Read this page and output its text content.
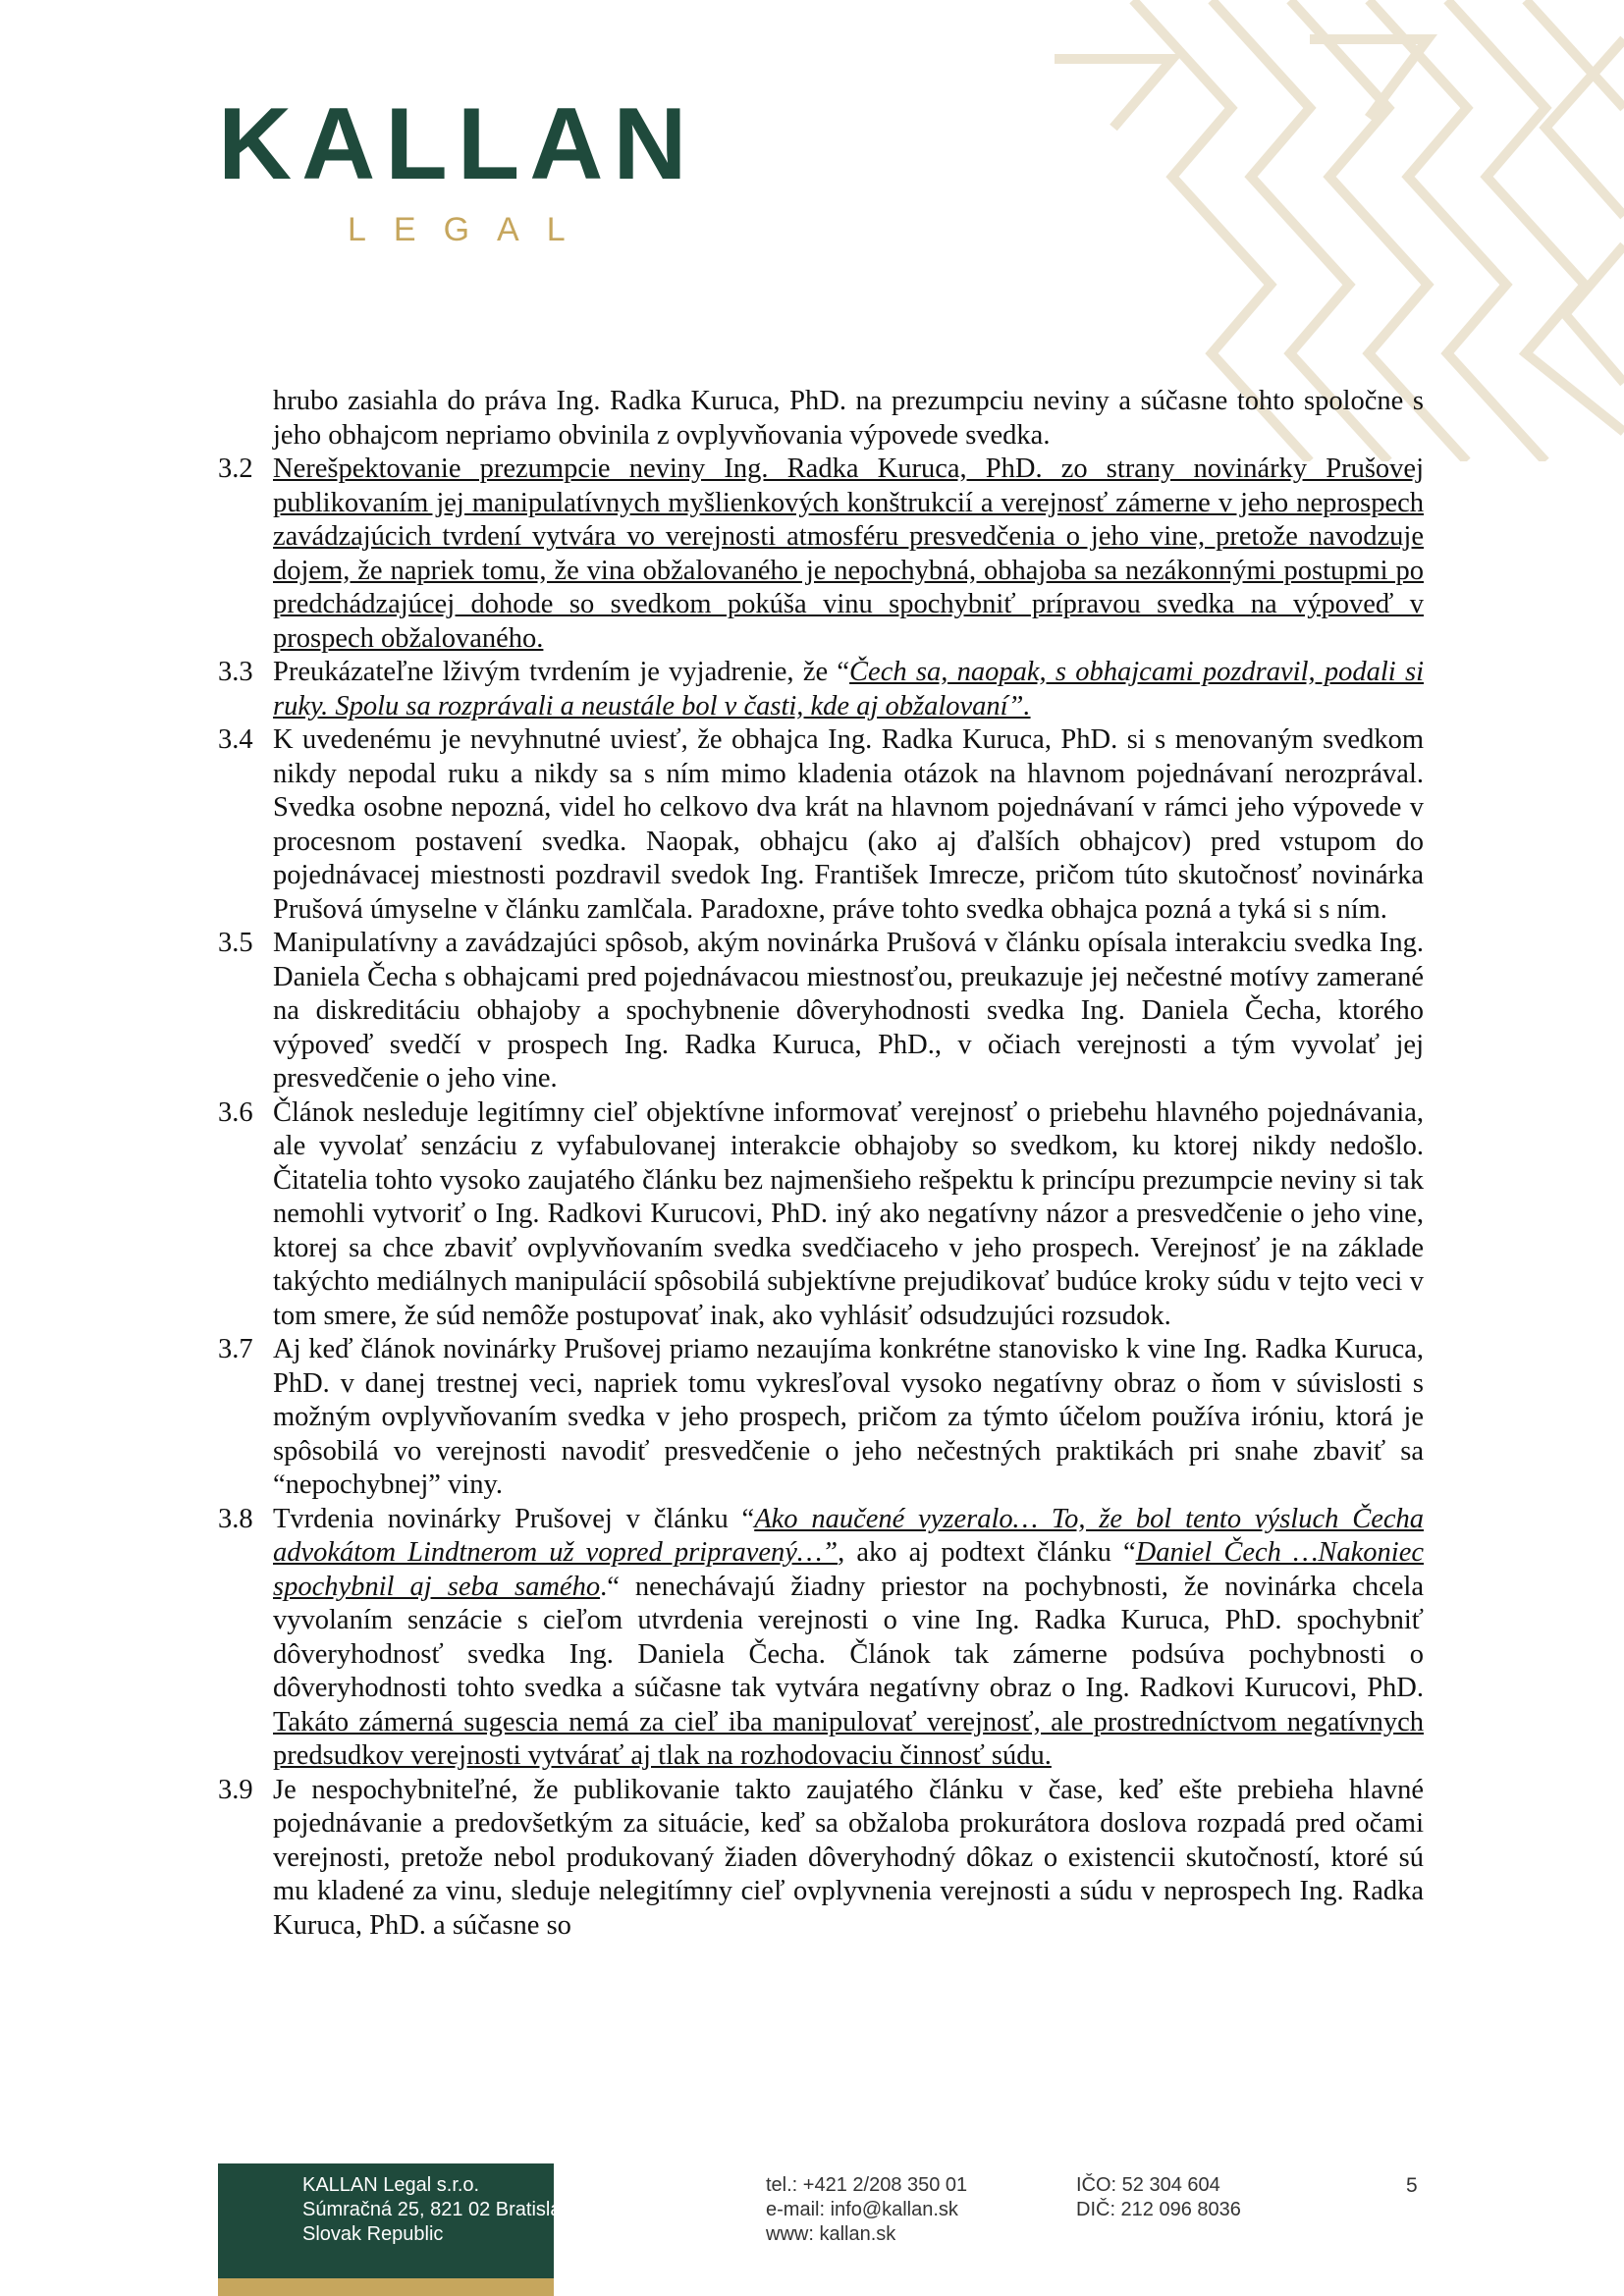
KALLAN
LEGAL
hrubo zasiahla do práva Ing. Radka Kuruca, PhD. na prezumpciu neviny a súčasne tohto spoločne s jeho obhajcom nepriamo obvinila z ovplyvňovania výpovede svedka.
3.2 Nerešpektovanie prezumpcie neviny Ing. Radka Kuruca, PhD. zo strany novinárky Prušovej publikovaním jej manipulatívnych myšlienkových konštrukcií a verejnosť zámerne v jeho neprospech zavádzajúcich tvrdení vytvára vo verejnosti atmosféru presvedčenia o jeho vine, pretože navodzuje dojem, že napriek tomu, že vina obžalovaného je nepochybná, obhajoba sa nezákonnými postupmi po predchádzajúcej dohode so svedkom pokúša vinu spochybniť prípravou svedka na výpoveď v prospech obžalovaného.
3.3 Preukázateľne lživým tvrdením je vyjadrenie, že “Čech sa, naopak, s obhajcami pozdravil, podali si ruky. Spolu sa rozprávali a neustále bol v časti, kde aj obžalovaní”.
3.4 K uvedenému je nevyhnutné uviesť, že obhajca Ing. Radka Kuruca, PhD. si s menovaným svedkom nikdy nepodal ruku a nikdy sa s ním mimo kladenia otázok na hlavnom pojednávaní nerozprával. Svedka osobne nepozná, videl ho celkovo dva krát na hlavnom pojednávaní v rámci jeho výpovede v procesnom postavení svedka. Naopak, obhajcu (ako aj ďalších obhajcov) pred vstupom do pojednávacej miestnosti pozdravil svedok Ing. František Imrecze, pričom túto skutočnosť novinárka Prušová úmyselne v článku zamlčala. Paradoxne, práve tohto svedka obhajca pozná a tyká si s ním.
3.5 Manipulatívny a zavádzajúci spôsob, akým novinárka Prušová v článku opísala interakciu svedka Ing. Daniela Čecha s obhajcami pred pojednávacou miestnosťou, preukazuje jej nečestné motívy zamerané na diskreditáciu obhajoby a spochybnenie dôveryhodnosti svedka Ing. Daniela Čecha, ktorého výpoveď svedčí v prospech Ing. Radka Kuruca, PhD., v očiach verejnosti a tým vyvolať jej presvedčenie o jeho vine.
3.6 Článok nesleduje legitímny cieľ objektívne informovať verejnosť o priebehu hlavného pojednávania, ale vyvolať senzáciu z vyfabulovanej interakcie obhajoby so svedkom, ku ktorej nikdy nedošlo. Čitatelia tohto vysoko zaujatého článku bez najmenšieho rešpektu k princípu prezumpcie neviny si tak nemohli vytvoriť o Ing. Radkovi Kurucovi, PhD. iný ako negatívny názor a presvedčenie o jeho vine, ktorej sa chce zbaviť ovplyvňovaním svedka svedčiaceho v jeho prospech. Verejnosť je na základe takýchto mediálnych manipulácií spôsobilá subjektívne prejudikovať budúce kroky súdu v tejto veci v tom smere, že súd nemôže postupovať inak, ako vyhlásiť odsudzujúci rozsudok.
3.7 Aj keď článok novinárky Prušovej priamo nezaujíma konkrétne stanovisko k vine Ing. Radka Kuruca, PhD. v danej trestnej veci, napriek tomu vykresľoval vysoko negatívny obraz o ňom v súvislosti s možným ovplyvňovaním svedka v jeho prospech, pričom za týmto účelom používa iróniu, ktorá je spôsobilá vo verejnosti navodiť presvedčenie o jeho nečestných praktikách pri snahe zbaviť sa “nepochybnej” viny.
3.8 Tvrdenia novinárky Prušovej v článku “Ako naučené vyzeralo… To, že bol tento výsluch Čecha advokátom Lindtnerom už vopred pripravený…”, ako aj podtext článku “Daniel Čech …Nakoniec spochybnil aj seba samého.“ nenechávajú žiadny priestor na pochybnosti, že novinárka chcela vyvolaním senzácie s cieľom utvrdenia verejnosti o vine Ing. Radka Kuruca, PhD. spochybniť dôveryhodnosť svedka Ing. Daniela Čecha. Článok tak zámerne podsúva pochybnosti o dôveryhodnosti tohto svedka a súčasne tak vytvára negatívny obraz o Ing. Radkovi Kurucovi, PhD. Takáto zámerná sugescia nemá za cieľ iba manipulovať verejnosť, ale prostredníctvom negatívnych predsudkov verejnosti vytvárať aj tlak na rozhodovaciu činnosť súdu.
3.9 Je nespochybniteľné, že publikovanie takto zaujatého článku v čase, keď ešte prebieha hlavné pojednávanie a predovšetkým za situácie, keď sa obžaloba prokurátora doslova rozpadá pred očami verejnosti, pretože nebol produkovaný žiaden dôveryhodný dôkaz o existencii skutočností, ktoré sú mu kladené za vinu, sleduje nelegitímny cieľ ovplyvnenia verejnosti a súdu v neprospech Ing. Radka Kuruca, PhD. a súčasne so
KALLAN Legal s.r.o.
Súmračná 25, 821 02 Bratislava
Slovak Republic
tel.: +421 2/208 350 01
e-mail: info@kallan.sk
www: kallan.sk
IČO: 52 304 604
DIČ: 212 096 8036
5
